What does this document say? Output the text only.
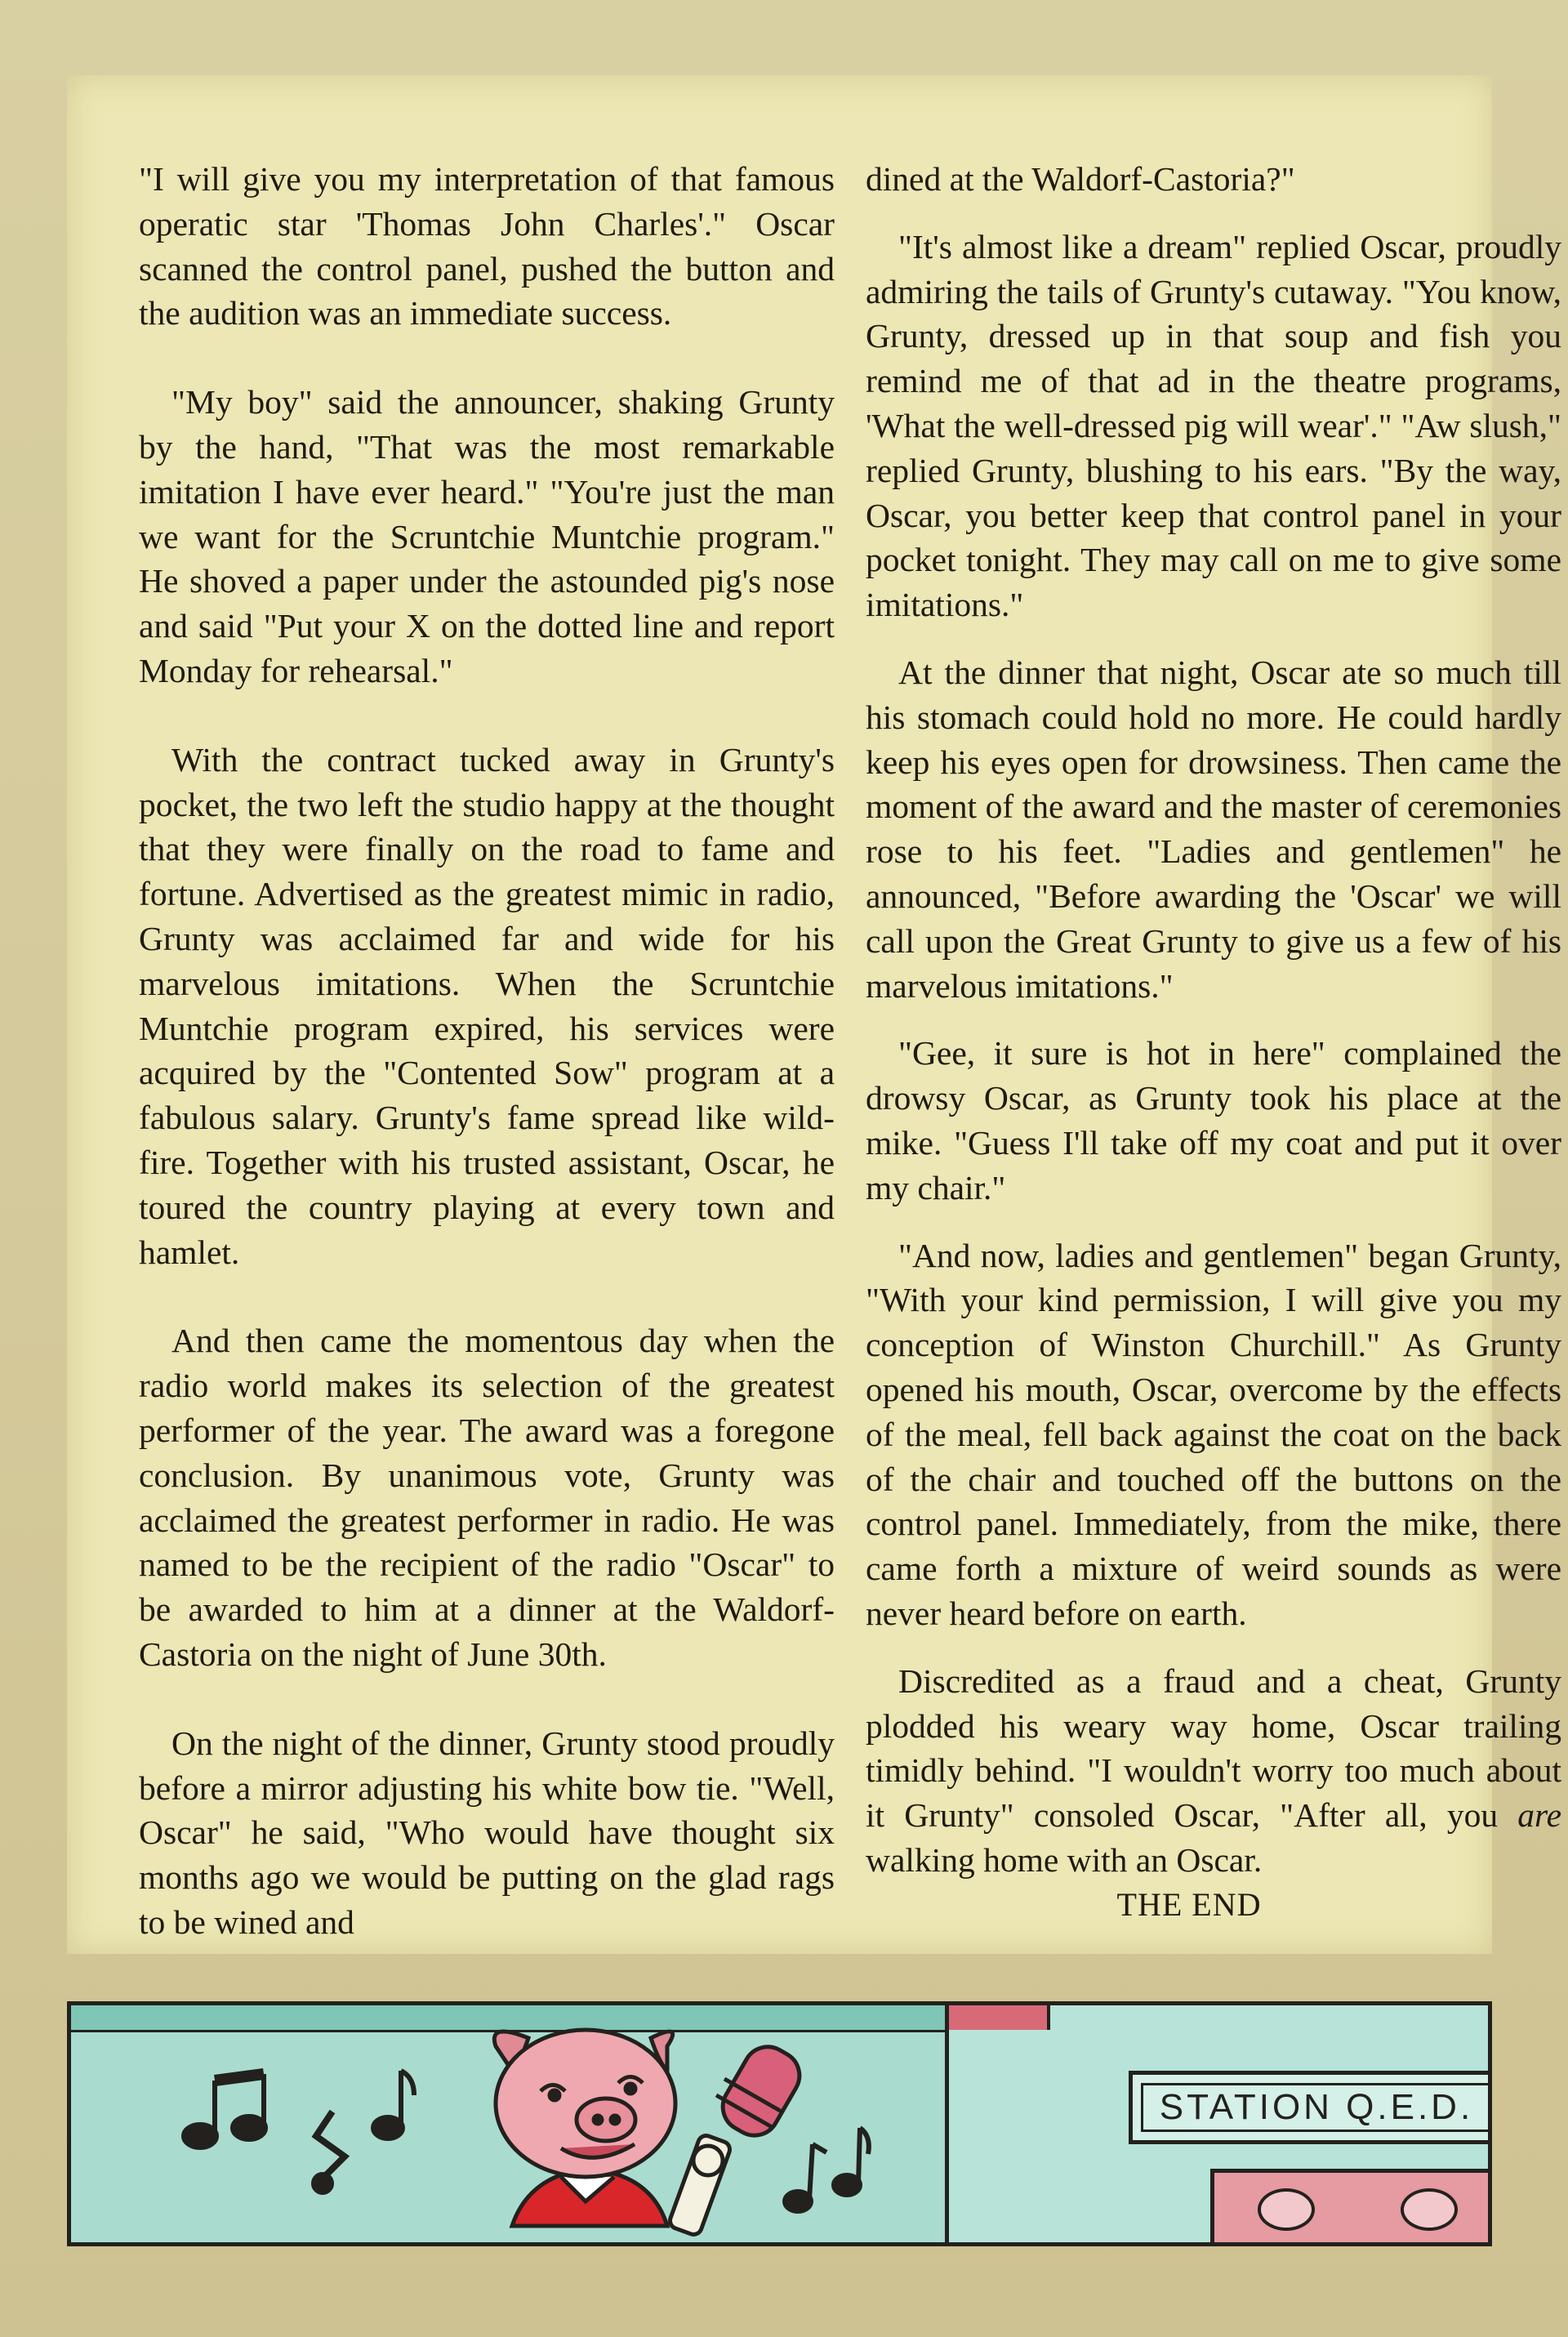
"I will give you my interpretation of that famous operatic star 'Thomas John Charles'." Oscar scanned the control panel, pushed the button and the audition was an immediate success.

"My boy" said the announcer, shaking Grunty by the hand, "That was the most remarkable imitation I have ever heard." "You're just the man we want for the Scruntchie Muntchie program." He shoved a paper under the astounded pig's nose and said "Put your X on the dotted line and report Monday for rehearsal."

With the contract tucked away in Grunty's pocket, the two left the studio happy at the thought that they were finally on the road to fame and fortune. Advertised as the greatest mimic in radio, Grunty was acclaimed far and wide for his marvelous imitations. When the Scruntchie Muntchie program expired, his services were acquired by the "Contented Sow" program at a fabulous salary. Grunty's fame spread like wild-fire. Together with his trusted assistant, Oscar, he toured the country playing at every town and hamlet.

And then came the momentous day when the radio world makes its selection of the greatest performer of the year. The award was a foregone conclusion. By unanimous vote, Grunty was acclaimed the greatest performer in radio. He was named to be the recipient of the radio "Oscar" to be awarded to him at a dinner at the Waldorf-Castoria on the night of June 30th.

On the night of the dinner, Grunty stood proudly before a mirror adjusting his white bow tie. "Well, Oscar" he said, "Who would have thought six months ago we would be putting on the glad rags to be wined and

dined at the Waldorf-Castoria?"

"It's almost like a dream" replied Oscar, proudly admiring the tails of Grunty's cutaway. "You know, Grunty, dressed up in that soup and fish you remind me of that ad in the theatre programs, 'What the well-dressed pig will wear'." "Aw slush," replied Grunty, blushing to his ears. "By the way, Oscar, you better keep that control panel in your pocket tonight. They may call on me to give some imitations."

At the dinner that night, Oscar ate so much till his stomach could hold no more. He could hardly keep his eyes open for drowsiness. Then came the moment of the award and the master of ceremonies rose to his feet. "Ladies and gentlemen" he announced, "Before awarding the 'Oscar' we will call upon the Great Grunty to give us a few of his marvelous imitations."

"Gee, it sure is hot in here" complained the drowsy Oscar, as Grunty took his place at the mike. "Guess I'll take off my coat and put it over my chair."

"And now, ladies and gentlemen" began Grunty, "With your kind permission, I will give you my conception of Winston Churchill." As Grunty opened his mouth, Oscar, overcome by the effects of the meal, fell back against the coat on the back of the chair and touched off the buttons on the control panel. Immediately, from the mike, there came forth a mixture of weird sounds as were never heard before on earth.

Discredited as a fraud and a cheat, Grunty plodded his weary way home, Oscar trailing timidly behind. "I wouldn't worry too much about it Grunty" consoled Oscar, "After all, you are walking home with an Oscar.

THE END

STATION Q.E.D.
